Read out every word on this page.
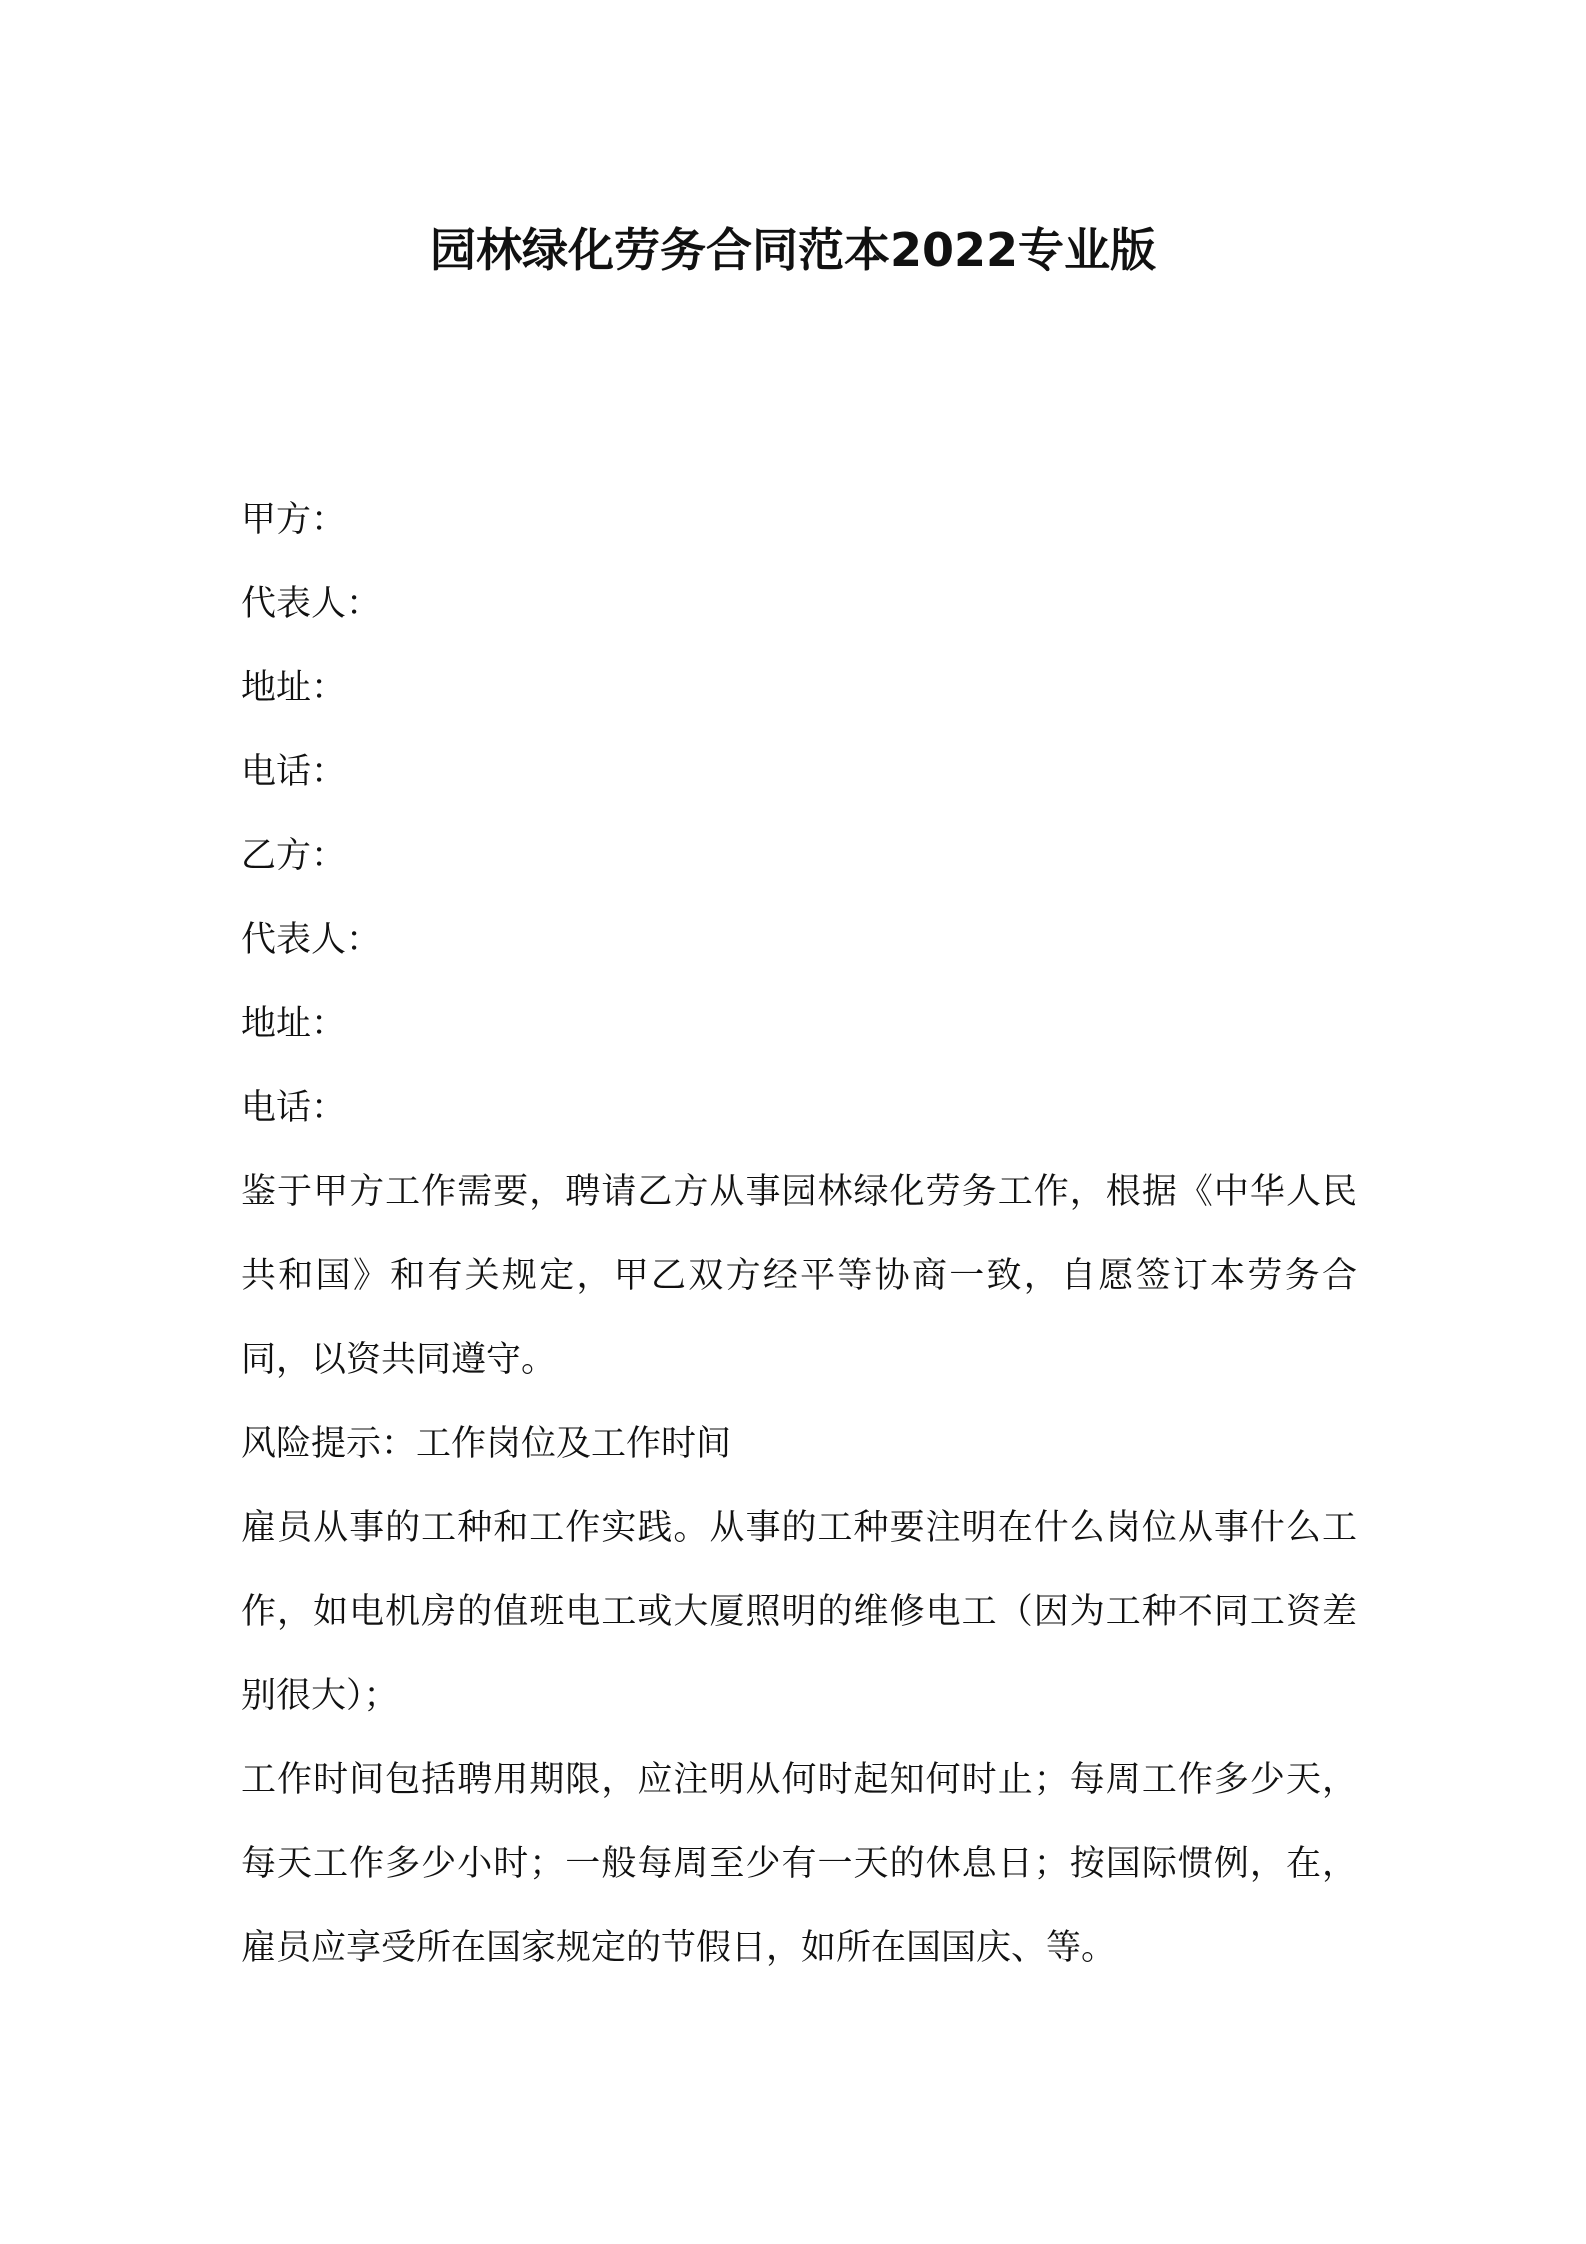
园林绿化劳务合同范本2022专业版
甲方：
代表人：
地址：
电话：
乙方：
代表人：
地址：
电话：

鉴于甲方工作需要，聘请乙方从事园林绿化劳务工作，根据《中华人民共和国》和有关规定，甲乙双方经平等协商一致，自愿签订本劳务合同，以资共同遵守。

风险提示：工作岗位及工作时间

雇员从事的工种和工作实践。从事的工种要注明在什么岗位从事什么工作，如电机房的值班电工或大厦照明的维修电工（因为工种不同工资差别很大）；

工作时间包括聘用期限，应注明从何时起知何时止；每周工作多少天，每天工作多少小时；一般每周至少有一天的休息日；按国际惯例，在，雇员应享受所在国家规定的节假日，如所在国国庆、等。
